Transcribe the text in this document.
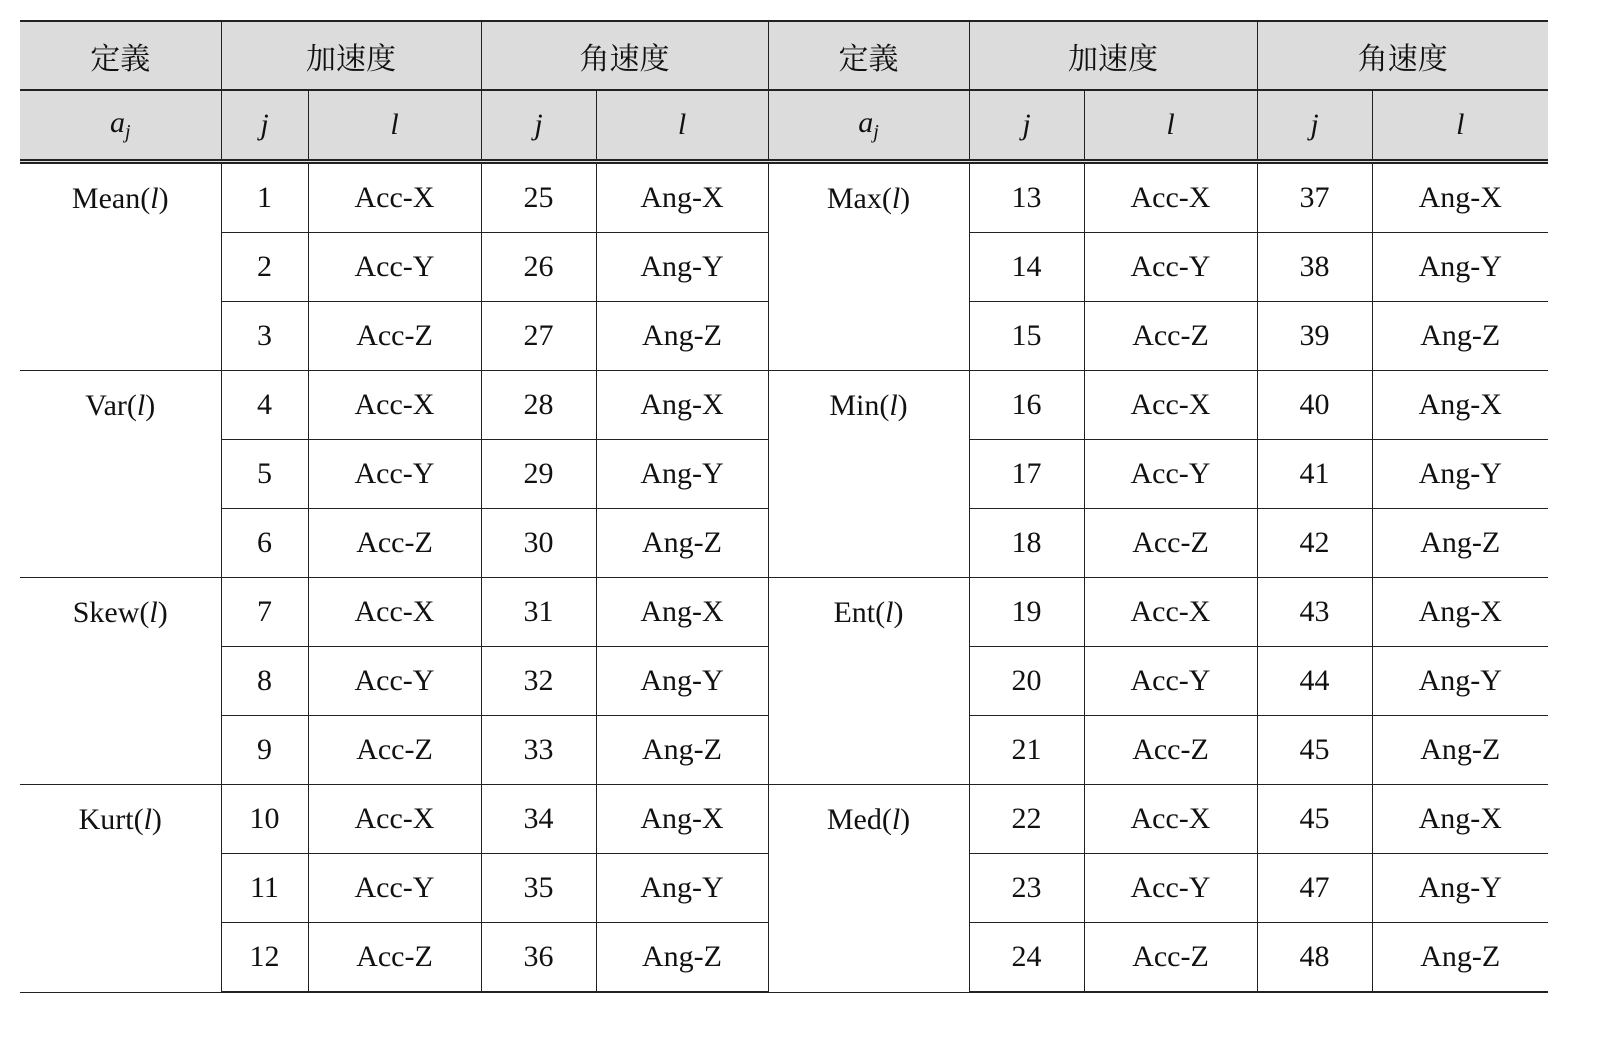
定義	加速度		角速度		定義	加速度		角速度	
$a_j$	j	l	j	l	$a_j$	j	l	j	l
Mean(l)	1	Acc-X	25	Ang-X	Max(l)	13	Acc-X	37	Ang-X
	2	Acc-Y	26	Ang-Y		14	Acc-Y	38	Ang-Y
	3	Acc-Z	27	Ang-Z		15	Acc-Z	39	Ang-Z
Var(l)	4	Acc-X	28	Ang-X	Min(l)	16	Acc-X	40	Ang-X
	5	Acc-Y	29	Ang-Y		17	Acc-Y	41	Ang-Y
	6	Acc-Z	30	Ang-Z		18	Acc-Z	42	Ang-Z
Skew(l)	7	Acc-X	31	Ang-X	Ent(l)	19	Acc-X	43	Ang-X
	8	Acc-Y	32	Ang-Y		20	Acc-Y	44	Ang-Y
	9	Acc-Z	33	Ang-Z		21	Acc-Z	45	Ang-Z
Kurt(l)	10	Acc-X	34	Ang-X	Med(l)	22	Acc-X	45	Ang-X
	11	Acc-Y	35	Ang-Y		23	Acc-Y	47	Ang-Y
	12	Acc-Z	36	Ang-Z		24	Acc-Z	48	Ang-Z
